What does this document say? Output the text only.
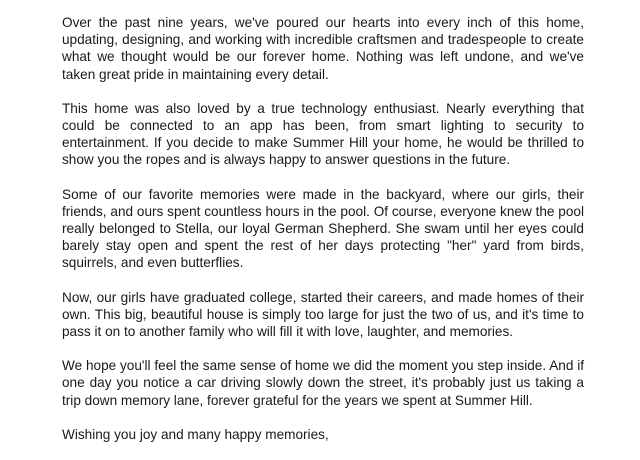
Over the past nine years, we've poured our hearts into every inch of this home, updating, designing, and working with incredible craftsmen and tradespeople to create what we thought would be our forever home. Nothing was left undone, and we've taken great pride in maintaining every detail.

This home was also loved by a true technology enthusiast. Nearly everything that could be connected to an app has been, from smart lighting to security to entertainment. If you decide to make Summer Hill your home, he would be thrilled to show you the ropes and is always happy to answer questions in the future.

Some of our favorite memories were made in the backyard, where our girls, their friends, and ours spent countless hours in the pool. Of course, everyone knew the pool really belonged to Stella, our loyal German Shepherd. She swam until her eyes could barely stay open and spent the rest of her days protecting "her" yard from birds, squirrels, and even butterflies.

Now, our girls have graduated college, started their careers, and made homes of their own. This big, beautiful house is simply too large for just the two of us, and it's time to pass it on to another family who will fill it with love, laughter, and memories.

We hope you'll feel the same sense of home we did the moment you step inside. And if one day you notice a car driving slowly down the street, it's probably just us taking a trip down memory lane, forever grateful for the years we spent at Summer Hill.

Wishing you joy and many happy memories,
